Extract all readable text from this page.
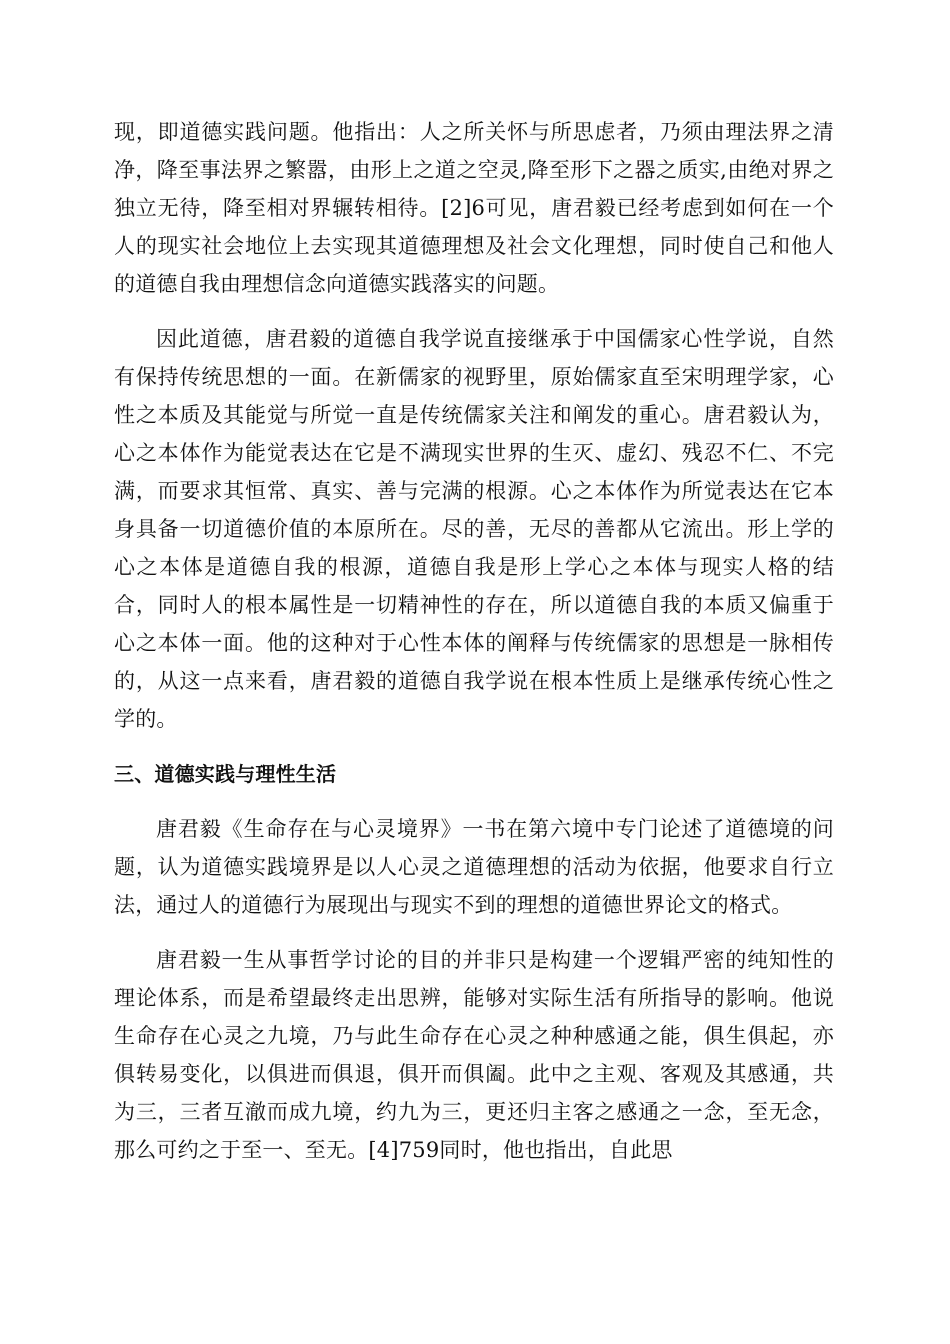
现，即道德实践问题。他指出：人之所关怀与所思虑者，乃须由理法界之清净，降至事法界之繁嚣，由形上之道之空灵,降至形下之器之质实,由绝对界之独立无待，降至相对界辗转相待。[2]6可见，唐君毅已经考虑到如何在一个人的现实社会地位上去实现其道德理想及社会文化理想，同时使自己和他人的道德自我由理想信念向道德实践落实的问题。

因此道德，唐君毅的道德自我学说直接继承于中国儒家心性学说，自然有保持传统思想的一面。在新儒家的视野里，原始儒家直至宋明理学家，心性之本质及其能觉与所觉一直是传统儒家关注和阐发的重心。唐君毅认为，心之本体作为能觉表达在它是不满现实世界的生灭、虚幻、残忍不仁、不完满，而要求其恒常、真实、善与完满的根源。心之本体作为所觉表达在它本身具备一切道德价值的本原所在。尽的善，无尽的善都从它流出。形上学的心之本体是道德自我的根源，道德自我是形上学心之本体与现实人格的结合，同时人的根本属性是一切精神性的存在，所以道德自我的本质又偏重于心之本体一面。他的这种对于心性本体的阐释与传统儒家的思想是一脉相传的，从这一点来看，唐君毅的道德自我学说在根本性质上是继承传统心性之学的。

三、道德实践与理性生活

唐君毅《生命存在与心灵境界》一书在第六境中专门论述了道德境的问题，认为道德实践境界是以人心灵之道德理想的活动为依据，他要求自行立法，通过人的道德行为展现出与现实不到的理想的道德世界论文的格式。

唐君毅一生从事哲学讨论的目的并非只是构建一个逻辑严密的纯知性的理论体系，而是希望最终走出思辨，能够对实际生活有所指导的影响。他说生命存在心灵之九境，乃与此生命存在心灵之种种感通之能，俱生俱起，亦俱转易变化，以俱进而俱退，俱开而俱阖。此中之主观、客观及其感通，共为三，三者互澈而成九境，约九为三，更还归主客之感通之一念，至无念，那么可约之于至一、至无。[4]759同时，他也指出，自此思
